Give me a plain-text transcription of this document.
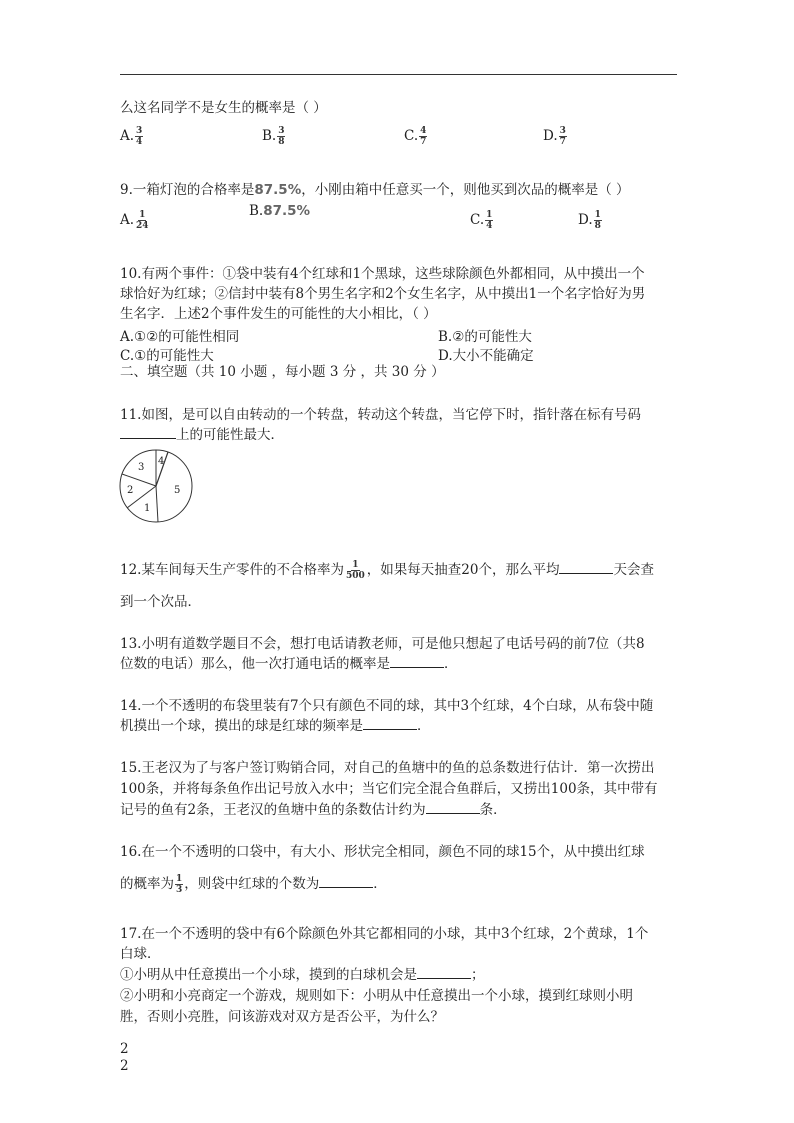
么这名同学不是女生的概率是（ ）
A. $\frac{3}{4}$	B. $\frac{3}{8}$	C. $\frac{4}{7}$	D. $\frac{3}{7}$
9.一箱灯泡的合格率是87.5%，小刚由箱中任意买一个，则他买到次品的概率是（ ）
A. $\frac{1}{24}$	B.87.5%
C. $\frac{1}{4}$	D. $\frac{1}{8}$
10.有两个事件：①袋中装有4个红球和1个黑球，这些球除颜色外都相同，从中摸出一个
球恰好为红球；②信封中装有8个男生名字和2个女生名字，从中摸出1一个名字恰好为男
生名字．上述2个事件发生的可能性的大小相比，（ ）
A.①②的可能性相同	B.②的可能性大
C.①的可能性大	D.大小不能确定
二、填空题（共 10 小题 ，每小题 3 分 ，共 30 分 ）
11.如图，是可以自由转动的一个转盘，转动这个转盘，当它停下时，指针落在标有号码
上的可能性最大．
1
2
3
4
5
12.某车间每天生产零件的不合格率为 $\frac{1}{500}$ ，如果每天抽查20个，那么平均	天会查
到一个次品．
13.小明有道数学题目不会，想打电话请教老师，可是他只想起了电话号码的前7位（共8
位数的电话）那么，他一次打通电话的概率是	．
14.一个不透明的布袋里装有7个只有颜色不同的球，其中3个红球，4个白球，从布袋中随
机摸出一个球，摸出的球是红球的频率是	．
15.王老汉为了与客户签订购销合同，对自己的鱼塘中的鱼的总条数进行估计．第一次捞出
100条，并将每条鱼作出记号放入水中；当它们完全混合鱼群后，又捞出100条，其中带有
记号的鱼有2条，王老汉的鱼塘中鱼的条数估计约为	条．
16.在一个不透明的口袋中，有大小、形状完全相同，颜色不同的球15个，从中摸出红球
的概率为 $\frac{1}{3}$ ，则袋中红球的个数为	．
17.在一个不透明的袋中有6个除颜色外其它都相同的小球，其中3个红球，2个黄球，1个
白球．
①小明从中任意摸出一个小球，摸到的白球机会是	；
②小明和小亮商定一个游戏，规则如下：小明从中任意摸出一个小球，摸到红球则小明
胜，否则小亮胜，问该游戏对双方是否公平，为什么？
2
2
